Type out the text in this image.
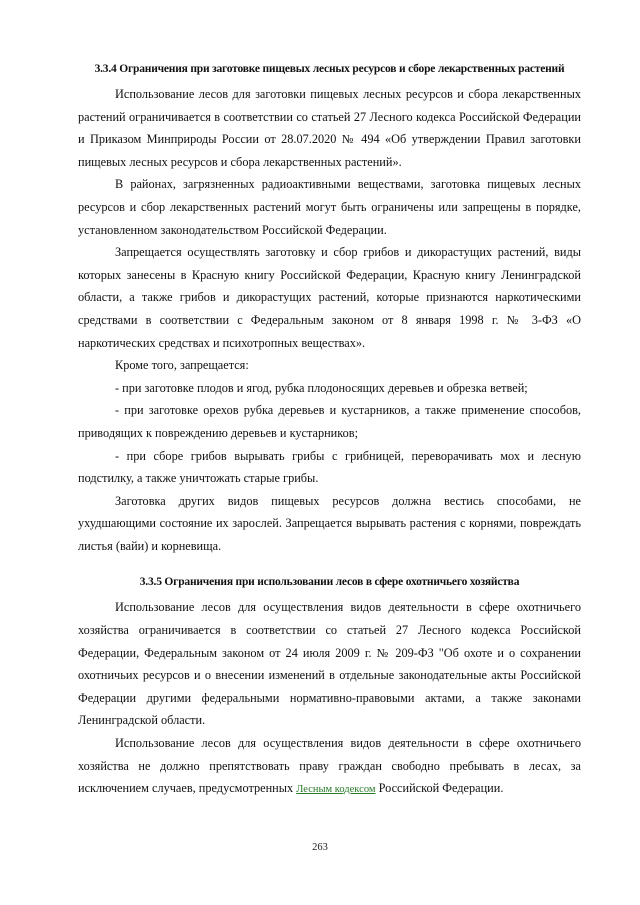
3.3.4 Ограничения при заготовке пищевых лесных ресурсов и сборе лекарственных растений

Использование лесов для заготовки пищевых лесных ресурсов и сбора лекарственных растений ограничивается в соответствии со статьей 27 Лесного кодекса Российской Федерации и Приказом Минприроды России от 28.07.2020 № 494 «Об утверждении Правил заготовки пищевых лесных ресурсов и сбора лекарственных растений».

В районах, загрязненных радиоактивными веществами, заготовка пищевых лесных ресурсов и сбор лекарственных растений могут быть ограничены или запрещены в порядке, установленном законодательством Российской Федерации.

Запрещается осуществлять заготовку и сбор грибов и дикорастущих растений, виды которых занесены в Красную книгу Российской Федерации, Красную книгу Ленинградской области, а также грибов и дикорастущих растений, которые признаются наркотическими средствами в соответствии с Федеральным законом от 8 января 1998 г. № 3-ФЗ «О наркотических средствах и психотропных веществах».

Кроме того, запрещается:

- при заготовке плодов и ягод, рубка плодоносящих деревьев и обрезка ветвей;

- при заготовке орехов рубка деревьев и кустарников, а также применение способов, приводящих к повреждению деревьев и кустарников;

- при сборе грибов вырывать грибы с грибницей, переворачивать мох и лесную подстилку, а также уничтожать старые грибы.

Заготовка других видов пищевых ресурсов должна вестись способами, не ухудшающими состояние их зарослей. Запрещается вырывать растения с корнями, повреждать листья (вайи) и корневища.

3.3.5 Ограничения при использовании лесов в сфере охотничьего хозяйства

Использование лесов для осуществления видов деятельности в сфере охотничьего хозяйства ограничивается в соответствии со статьей 27 Лесного кодекса Российской Федерации, Федеральным законом от 24 июля 2009 г. № 209-ФЗ "Об охоте и о сохранении охотничьих ресурсов и о внесении изменений в отдельные законодательные акты Российской Федерации другими федеральными нормативно-правовыми актами, а также законами Ленинградской области.

Использование лесов для осуществления видов деятельности в сфере охотничьего хозяйства не должно препятствовать праву граждан свободно пребывать в лесах, за исключением случаев, предусмотренных Лесным кодексом Российской Федерации.

263
